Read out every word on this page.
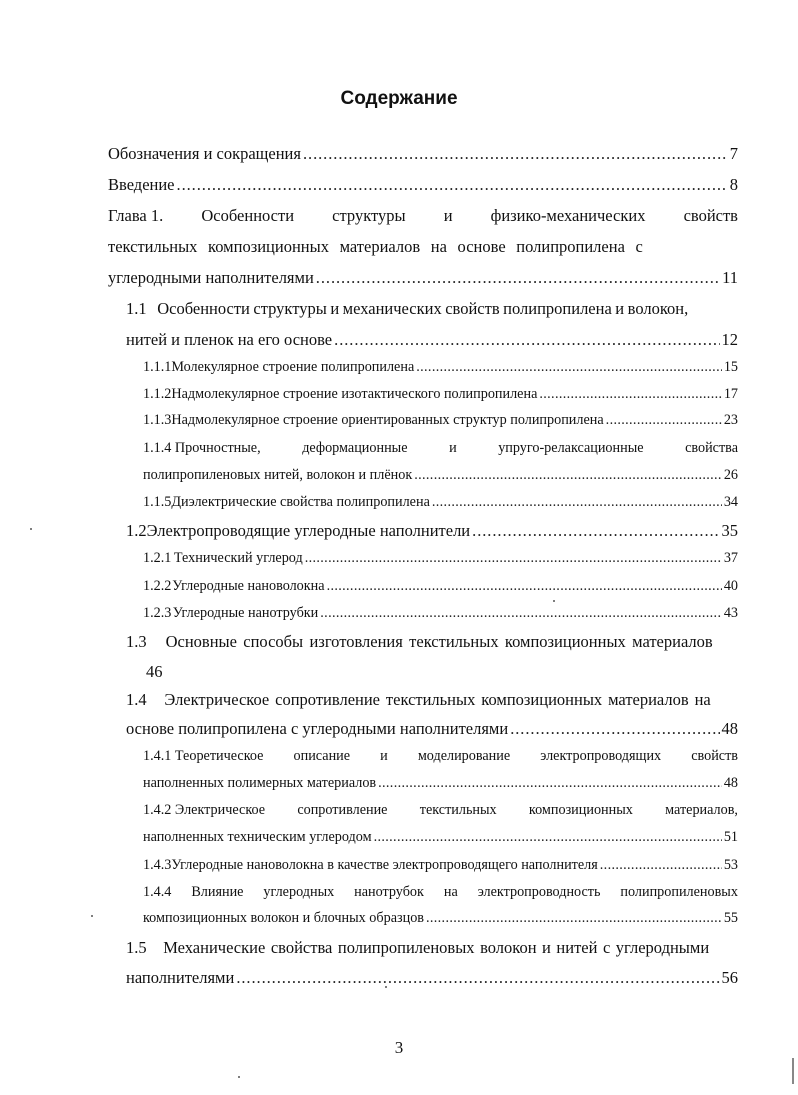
Содержание
Обозначения и сокращения . . .	7
Введение . . .	8
Глава 1. Особенности структуры и физико-механических свойств
текстильных композиционных материалов на основе полипропилена с
углеродными наполнителями . . .	11
1.1   Особенности структуры и механических свойств полипропилена и волокон,
нитей и пленок на его основе . . .	12
1.1.1 Молекулярное строение полипропилена . . .	15
1.1.2 Надмолекулярное строение изотактического полипропилена . . .	17
1.1.3 Надмолекулярное строение ориентированных структур полипропилена . . .	23
1.1.4 Прочностные,	деформационные	и	упруго-релаксационные	свойства
полипропиленовых нитей, волокон и плёнок . . .	26
1.1.5 Диэлектрические свойства полипропилена . . .	34
1.2 Электропроводящие углеродные наполнители . . .	35
1.2.1 Технический углерод . . .	37
1.2.2 Углеродные нановолокна . . .	40
1.2.3 Углеродные нанотрубки . . .	43
1.3   Основные способы изготовления текстильных композиционных материалов
46
1.4   Электрическое сопротивление текстильных композиционных материалов на
основе полипропилена с углеродными наполнителями . . .	48
1.4.1 Теоретическое описание и моделирование электропроводящих свойств
наполненных полимерных материалов . . .	48
1.4.2 Электрическое сопротивление текстильных композиционных материалов,
наполненных техническим углеродом . . .	51
1.4.3 Углеродные нановолокна в качестве электропроводящего наполнителя . . .	53
1.4.4 Влияние углеродных нанотрубок на электропроводность полипропиленовых
композиционных волокон и блочных образцов . . .	55
1.5   Механические свойства полипропиленовых волокон и нитей с углеродными
наполнителями . . .	56
3
